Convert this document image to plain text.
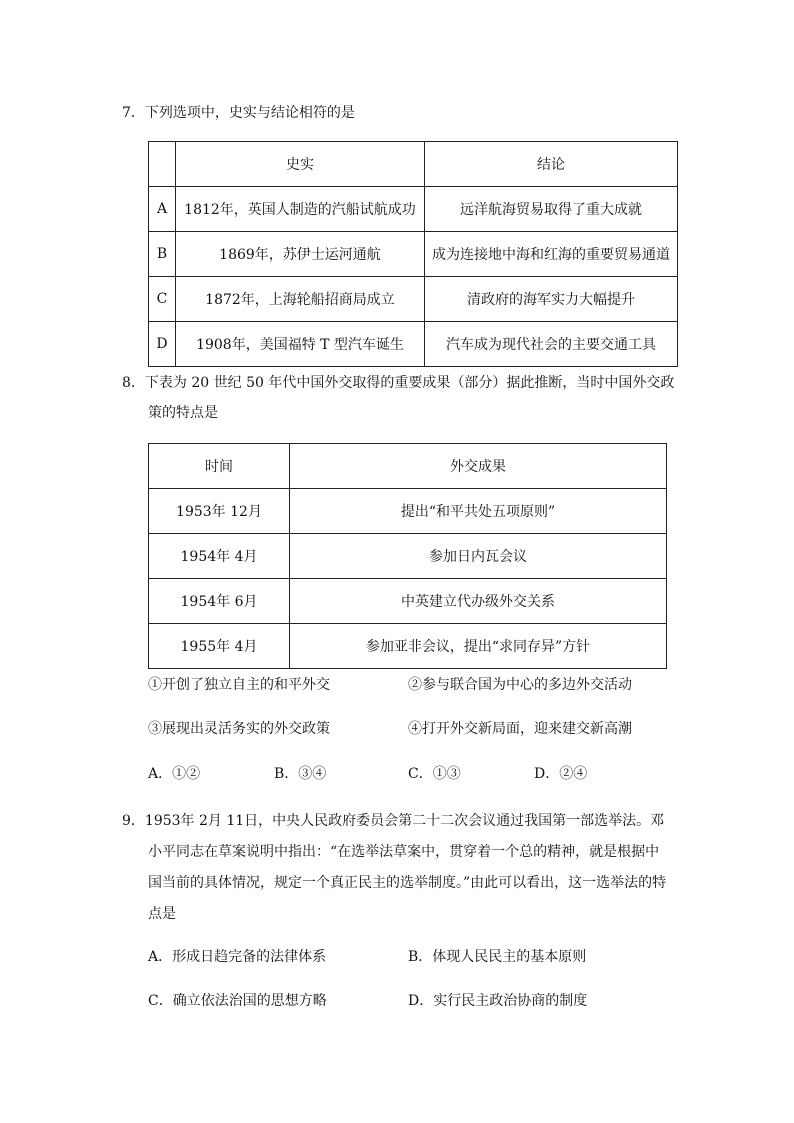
7．下列选项中，史实与结论相符的是
	史实	结论
A	1812年，英国人制造的汽船试航成功	远洋航海贸易取得了重大成就
B	1869年，苏伊士运河通航	成为连接地中海和红海的重要贸易通道
C	1872年，上海轮船招商局成立	清政府的海军实力大幅提升
D	1908年，美国福特 T 型汽车诞生	汽车成为现代社会的主要交通工具
8．下表为 20 世纪 50 年代中国外交取得的重要成果（部分）据此推断，当时中国外交政
策的特点是
时间	外交成果
1953年 12月	提出“和平共处五项原则”
1954年 4月	参加日内瓦会议
1954年 6月	中英建立代办级外交关系
1955年 4月	参加亚非会议，提出“求同存异”方针
①开创了独立自主的和平外交	②参与联合国为中心的多边外交活动
③展现出灵活务实的外交政策	④打开外交新局面，迎来建交新高潮
A．①②	B．③④	C．①③	D．②④
9．1953年 2月 11日，中央人民政府委员会第二十二次会议通过我国第一部选举法。邓
小平同志在草案说明中指出：“在选举法草案中，贯穿着一个总的精神，就是根据中
国当前的具体情况，规定一个真正民主的选举制度。”由此可以看出，这一选举法的特
点是
A．形成日趋完备的法律体系	B．体现人民民主的基本原则
C．确立依法治国的思想方略	D．实行民主政治协商的制度
